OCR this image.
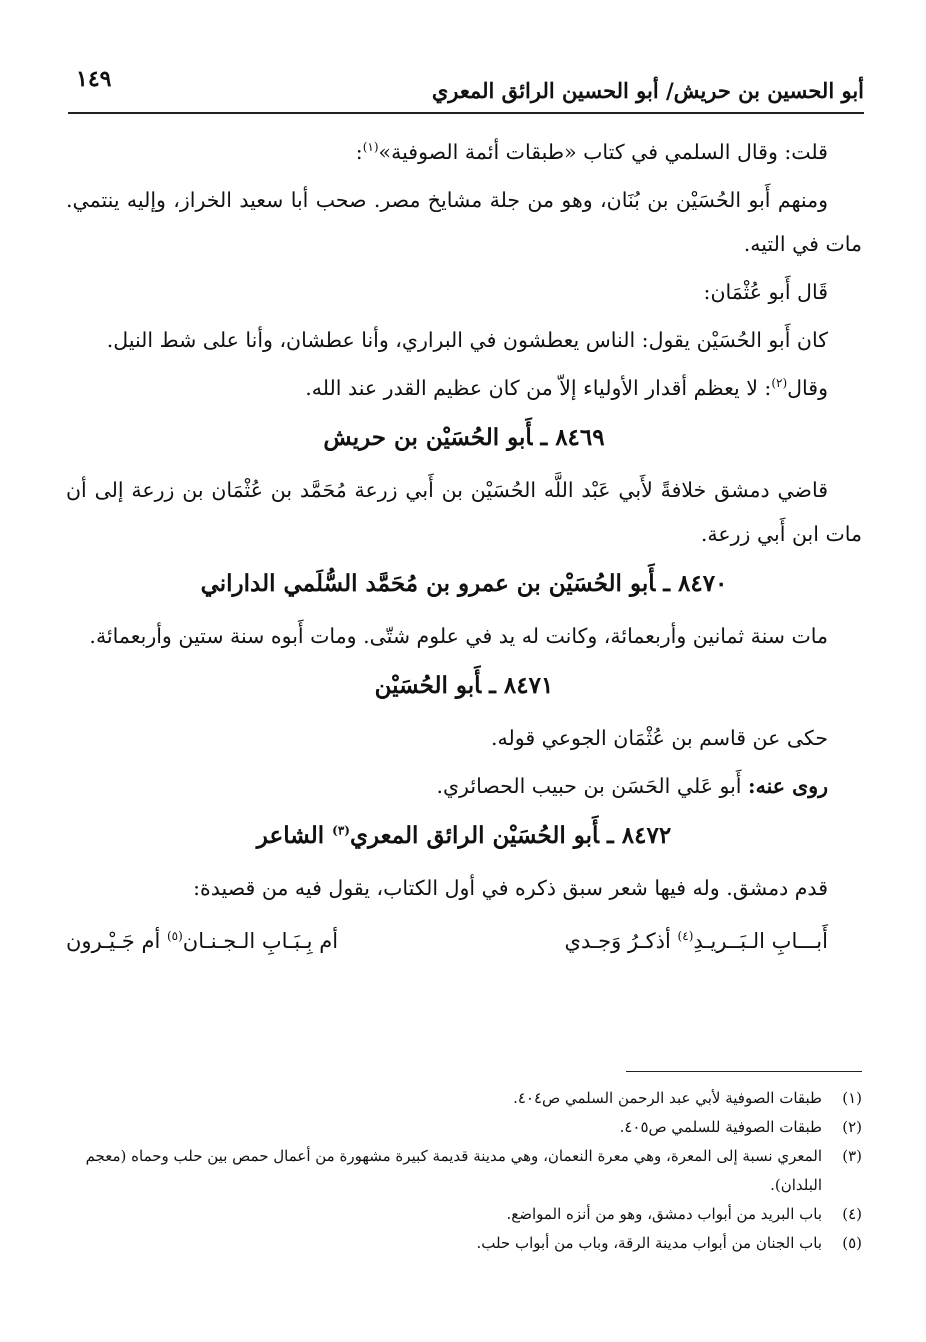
أبو الحسين بن حريش/ أبو الحسين الرائق المعري
١٤٩

قلت: وقال السلمي في كتاب «طبقات أئمة الصوفية»$^{(١)}$:

ومنهم أَبو الحُسَيْن بن بُنَان، وهو من جلة مشايخ مصر. صحب أبا سعيد الخراز، وإليه ينتمي. مات في التيه.

قَال أَبو عُثْمَان:

كان أَبو الحُسَيْن يقول: الناس يعطشون في البراري، وأنا عطشان، وأنا على شط النيل.

وقال$^{(٢)}$: لا يعظم أقدار الأولياء إلاّ من كان عظيم القدر عند الله.

٨٤٦٩ ـأَبو الحُسَيْن بن حريش

قاضي دمشق خلافةً لأَبي عَبْد اللَّه الحُسَيْن بن أَبي زرعة مُحَمَّد بن عُثْمَان بن زرعة إلى أن مات ابن أَبي زرعة.

٨٤٧٠ ـأَبو الحُسَيْن بن عمرو بن مُحَمَّد السُّلَمي الداراني

مات سنة ثمانين وأربعمائة، وكانت له يد في علوم شتّى. ومات أَبوه سنة ستين وأربعمائة.

٨٤٧١ ـأَبو الحُسَيْن

حكى عن قاسم بن عُثْمَان الجوعي قوله.

روى عنه: أَبو عَلي الحَسَن بن حبيب الحصائري.

٨٤٧٢ ـأَبو الحُسَيْن الرائق المعري$^{(٣)}$ الشاعر

قدم دمشق. وله فيها شعر سبق ذكره في أول الكتاب، يقول فيه من قصيدة:

أَبـــابِ الـبَــريـدِ$^{(٤)}$ أذكـرُ وَجـدي
أم بِـبَـابِ الـجـنـان$^{(٥)}$ أم جَـيْـرون
(١)
طبقات الصوفية لأبي عبد الرحمن السلمي ص٤٠٤.
(٢)
طبقات الصوفية للسلمي ص٤٠٥.
(٣)
المعري نسبة إلى المعرة، وهي معرة النعمان، وهي مدينة قديمة كبيرة مشهورة من أعمال حمص بين حلب وحماه (معجم البلدان).
(٤)
باب البريد من أبواب دمشق، وهو من أنزه المواضع.
(٥)
باب الجنان من أبواب مدينة الرقة، وباب من أبواب حلب.
